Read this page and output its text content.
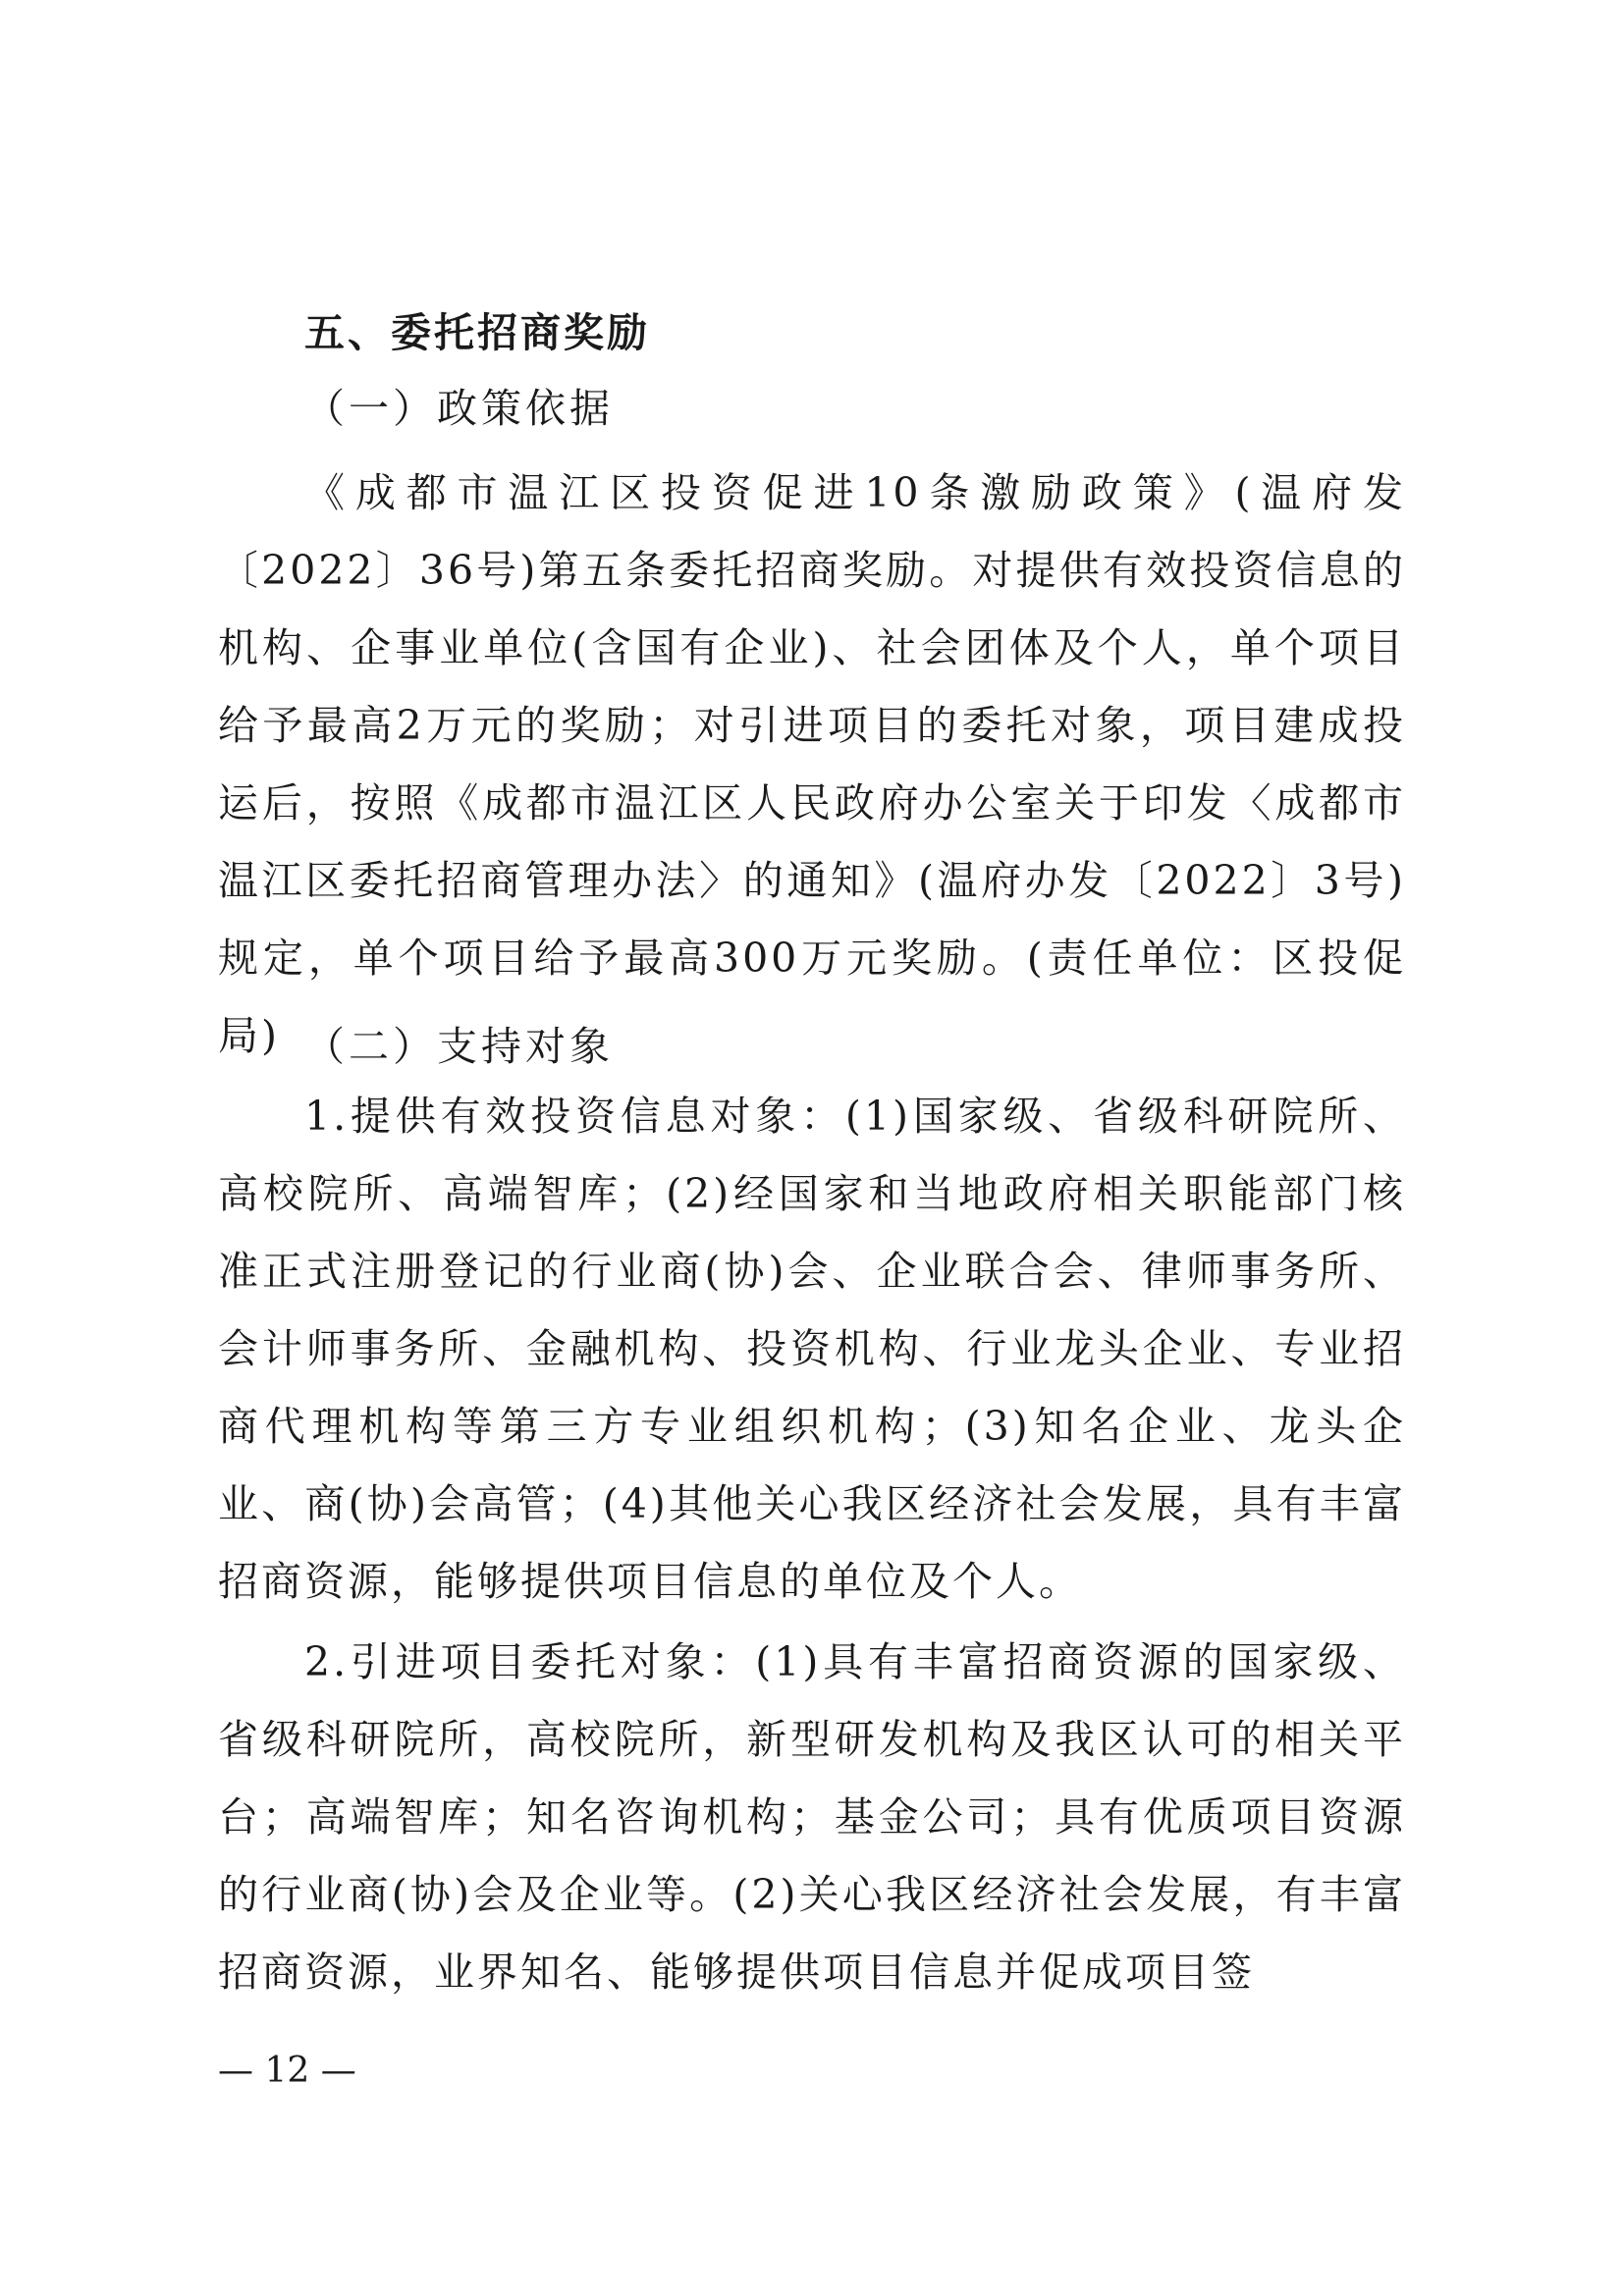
五、委托招商奖励

（一）政策依据

《成都市温江区投资促进10条激励政策》(温府发〔2022〕36号)第五条委托招商奖励。对提供有效投资信息的机构、企事业单位(含国有企业)、社会团体及个人，单个项目给予最高2万元的奖励；对引进项目的委托对象，项目建成投运后，按照《成都市温江区人民政府办公室关于印发〈成都市温江区委托招商管理办法〉的通知》(温府办发〔2022〕3号)规定，单个项目给予最高300万元奖励。(责任单位：区投促局) （二）支持对象

1.提供有效投资信息对象：(1)国家级、省级科研院所、高校院所、高端智库；(2)经国家和当地政府相关职能部门核准正式注册登记的行业商(协)会、企业联合会、律师事务所、会计师事务所、金融机构、投资机构、行业龙头企业、专业招商代理机构等第三方专业组织机构；(3)知名企业、龙头企业、商(协)会高管；(4)其他关心我区经济社会发展，具有丰富招商资源，能够提供项目信息的单位及个人。

2.引进项目委托对象：(1)具有丰富招商资源的国家级、省级科研院所，高校院所，新型研发机构及我区认可的相关平台；高端智库；知名咨询机构；基金公司；具有优质项目资源的行业商(协)会及企业等。(2)关心我区经济社会发展，有丰富招商资源，业界知名、能够提供项目信息并促成项目签

— 12 —
